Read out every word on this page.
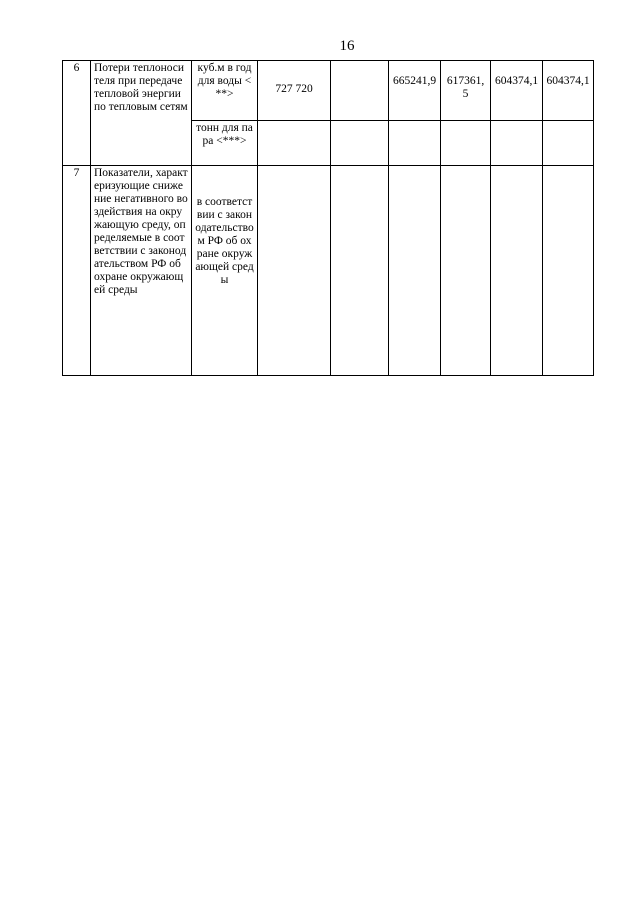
16
6	Потери теплоносителя при передаче тепловой энергии по тепловым сетям	куб.м в год для воды <**>	727 720		665241,9	617361,5	604374,1	604374,1
		тонн для пара <***>						
7	Показатели, характеризующие снижение негативного воздействия на окружающую среду, определяемые в соответствии с законодательством РФ об охране окружающей среды	в соответствии с законодательством РФ об охране окружающей среды						
